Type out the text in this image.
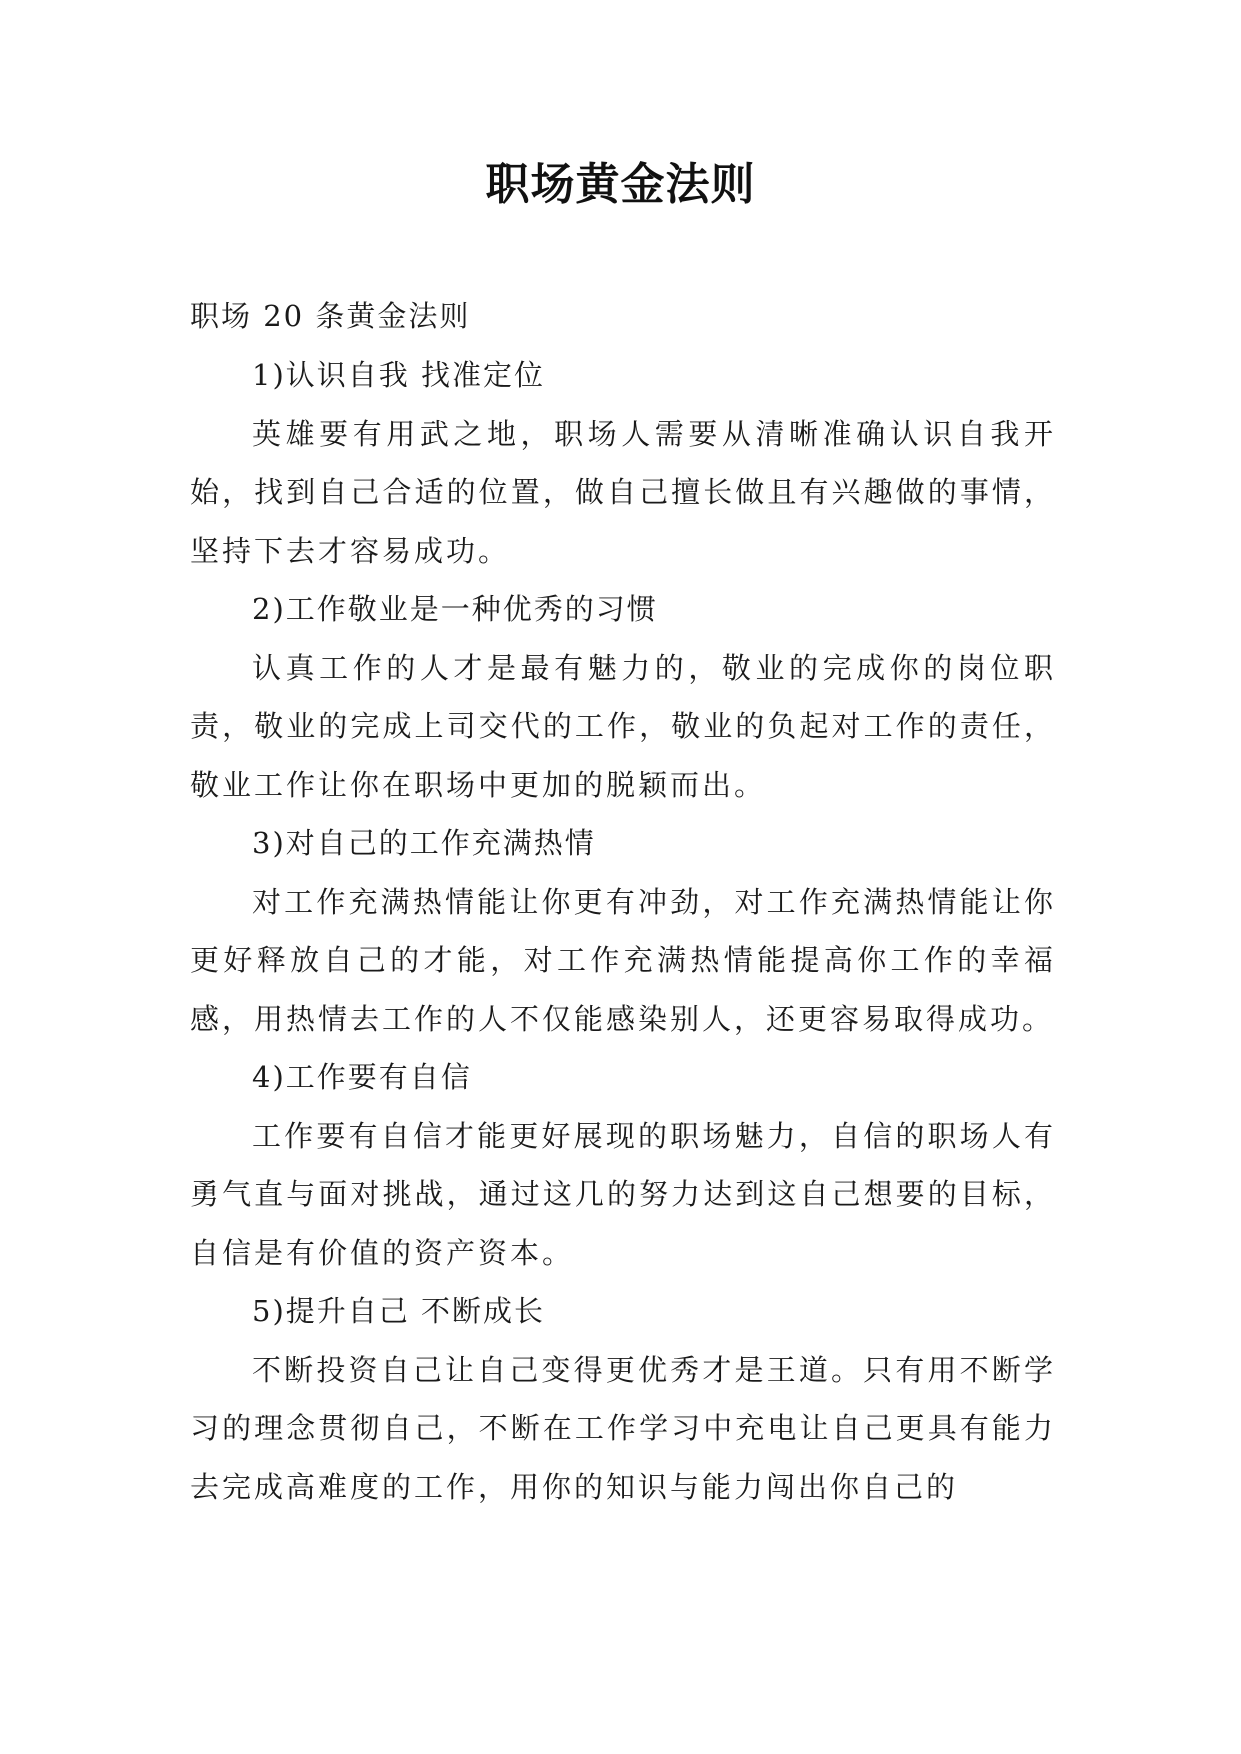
职场黄金法则

职场 20 条黄金法则

1)认识自我 找准定位

英雄要有用武之地，职场人需要从清晰准确认识自我开始，找到自己合适的位置，做自己擅长做且有兴趣做的事情，坚持下去才容易成功。

2)工作敬业是一种优秀的习惯

认真工作的人才是最有魅力的，敬业的完成你的岗位职责，敬业的完成上司交代的工作，敬业的负起对工作的责任，敬业工作让你在职场中更加的脱颖而出。

3)对自己的工作充满热情

对工作充满热情能让你更有冲劲，对工作充满热情能让你更好释放自己的才能，对工作充满热情能提高你工作的幸福感，用热情去工作的人不仅能感染别人，还更容易取得成功。

4)工作要有自信

工作要有自信才能更好展现的职场魅力，自信的职场人有勇气直与面对挑战，通过这几的努力达到这自己想要的目标，自信是有价值的资产资本。

5)提升自己 不断成长

不断投资自己让自己变得更优秀才是王道。只有用不断学习的理念贯彻自己，不断在工作学习中充电让自己更具有能力去完成高难度的工作，用你的知识与能力闯出你自己的
